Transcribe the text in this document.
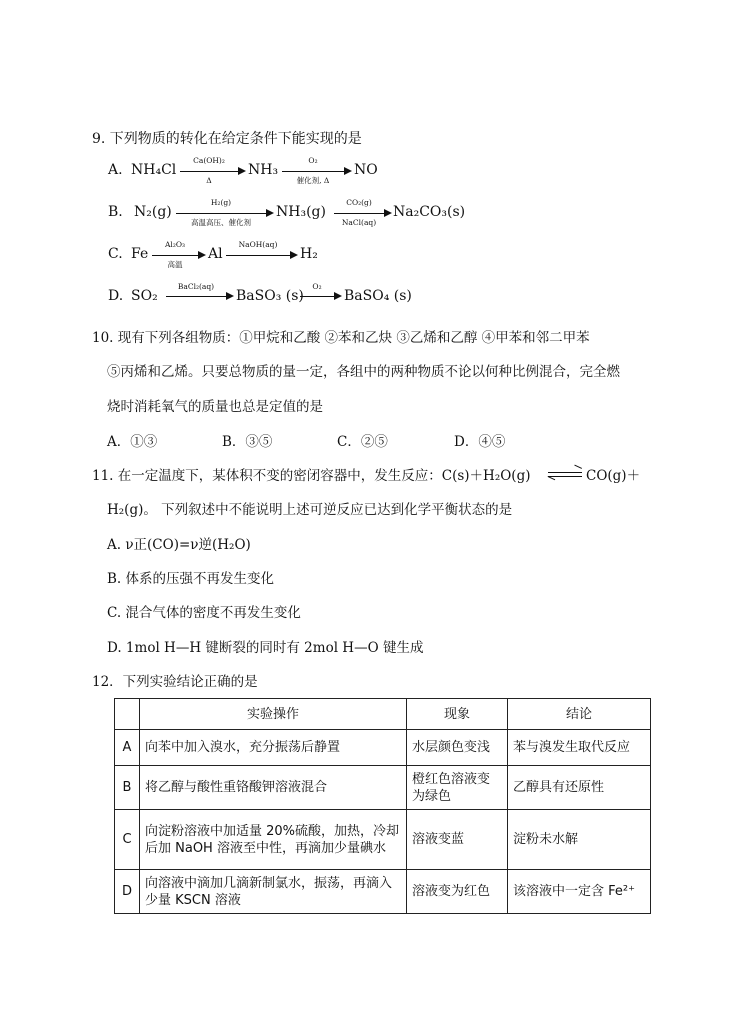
9. 下列物质的转化在给定条件下能实现的是
A. NH₄Cl
Ca(OH)₂
Δ
NH₃
O₂
催化剂, Δ
NO
B. N₂(g)
H₂(g)
高温高压、催化剂
NH₃(g)
CO₂(g)
NaCl(aq)
Na₂CO₃(s)
C. Fe
Al₂O₃
高温
Al
NaOH(aq)
H₂
D. SO₂
BaCl₂(aq)
BaSO₃ (s)
O₂
BaSO₄ (s)
10. 现有下列各组物质：①甲烷和乙酸 ②苯和乙炔 ③乙烯和乙醇 ④甲苯和邻二甲苯
⑤丙烯和乙烯。只要总物质的量一定，各组中的两种物质不论以何种比例混合，完全燃
烧时消耗氧气的质量也总是定值的是
A．①③	B．③⑤	C．②⑤	D．④⑤
11. 在一定温度下，某体积不变的密闭容器中，发生反应：C(s)＋H₂O(g) ⇌ CO(g)＋
H₂(g)。 下列叙述中不能说明上述可逆反应已达到化学平衡状态的是
A. ν正(CO)=ν逆(H₂O)
B. 体系的压强不再发生变化
C. 混合气体的密度不再发生变化
D. 1mol H—H 键断裂的同时有 2mol H—O 键生成
12．下列实验结论正确的是
	实验操作	现象	结论
A	向苯中加入溴水，充分振荡后静置	水层颜色变浅	苯与溴发生取代反应
B	将乙醇与酸性重铬酸钾溶液混合	橙红色溶液变为绿色	乙醇具有还原性
C	向淀粉溶液中加适量 20%硫酸，加热，冷却后加 NaOH 溶液至中性，再滴加少量碘水	溶液变蓝	淀粉未水解
D	向溶液中滴加几滴新制氯水，振荡，再滴入少量 KSCN 溶液	溶液变为红色	该溶液中一定含 Fe²⁺
